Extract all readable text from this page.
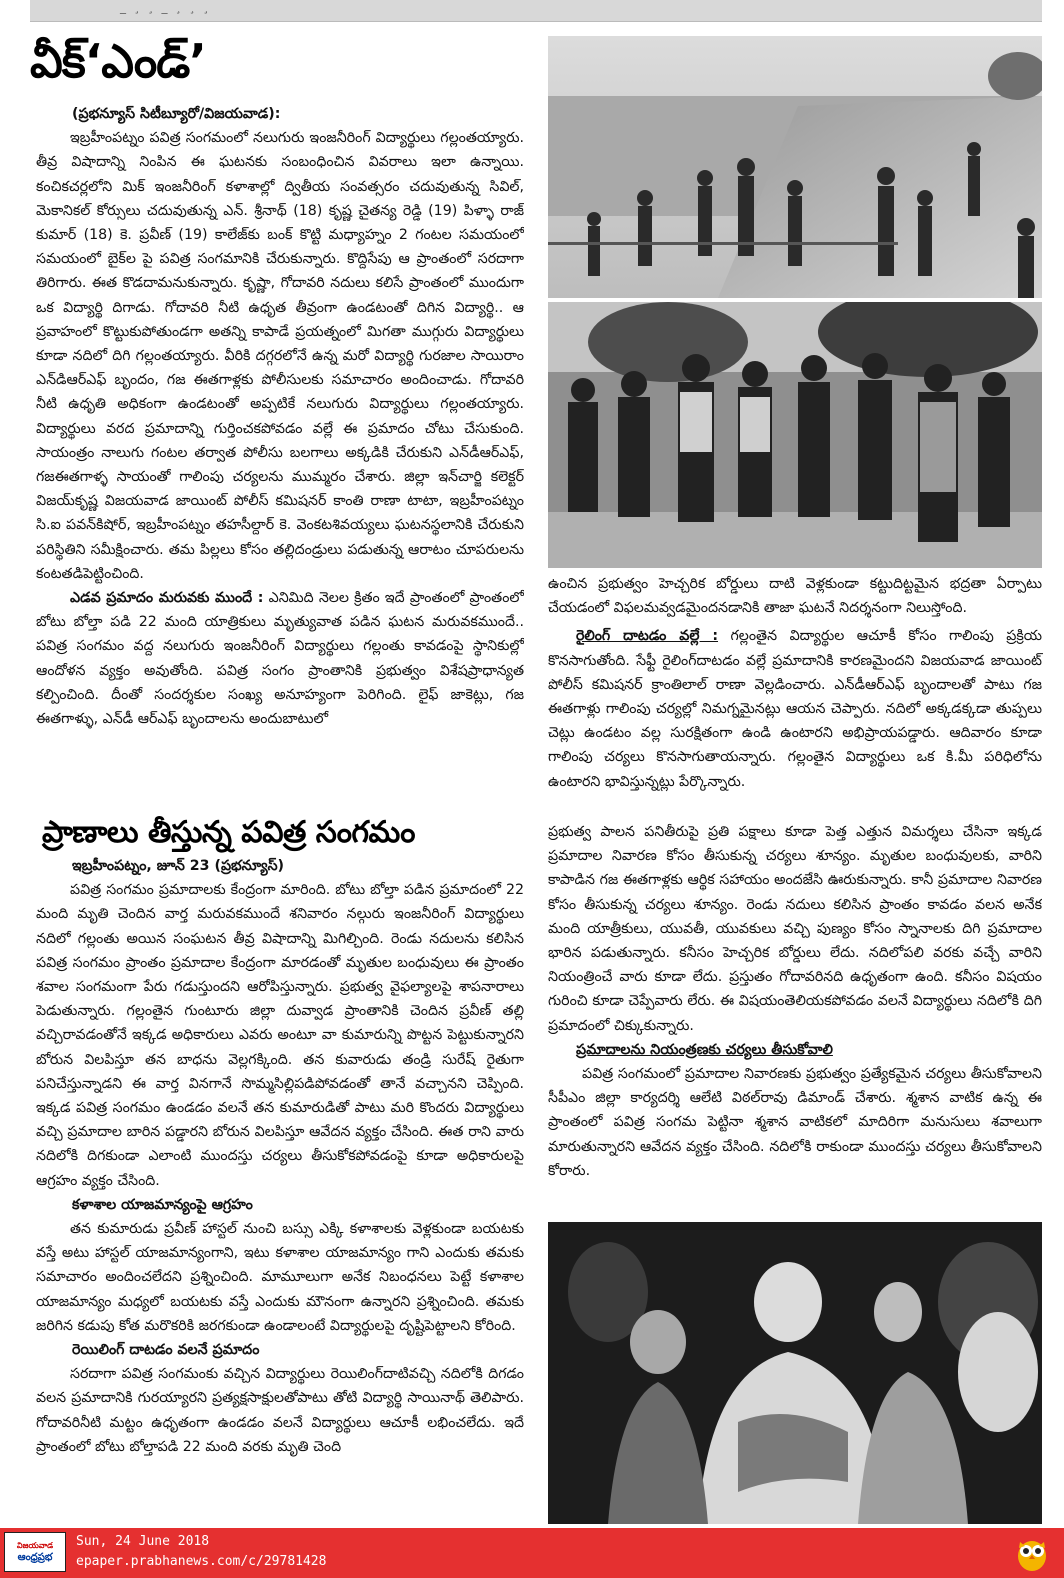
_ ¸ ¸ _ ¸ ¸ ¸
వీక్‘ఎండ్’

(ప్రభన్యూస్ సిటీబ్యూరో/విజయవాడ):

ఇబ్రహీంపట్నం పవిత్ర సంగమంలో నలుగురు ఇంజనీరింగ్ విద్యార్థులు గల్లంతయ్యారు. తీవ్ర విషాదాన్ని నింపిన ఈ ఘటనకు సంబంధించిన వివరాలు ఇలా ఉన్నాయి. కంచికచర్లలోని మిక్ ఇంజనీరింగ్ కళాశాల్లో ద్వితీయ సంవత్సరం చదువుతున్న సివిల్, మెకానికల్ కోర్సులు చదువుతున్న ఎన్. శ్రీనాథ్ (18) కృష్ణ చైతన్య రెడ్డి (19) పిళ్ళా రాజ్ కుమార్ (18) కె. ప్రవీణ్ (19) కాలేజ్‌కు బంక్ కొట్టి మధ్యాహ్నం 2 గంటల సమయంలో సమయంలో బైక్‌ల పై పవిత్ర సంగమానికి చేరుకున్నారు. కొద్దిసేపు ఆ ప్రాంతంలో సరదాగా తిరిగారు. ఈత కొడదామనుకున్నారు. కృష్ణా, గోదావరి నదులు కలిసే ప్రాంతంలో ముందుగా ఒక విద్యార్థి దిగాడు. గోదావరి నీటి ఉధృత తీవ్రంగా ఉండటంతో దిగిన విద్యార్థి.. ఆ ప్రవాహంలో కొట్టుకుపోతుండగా అతన్ని కాపాడే ప్రయత్నంలో మిగతా ముగ్గురు విద్యార్థులు కూడా నదిలో దిగి గల్లంతయ్యారు. వీరికి దగ్గరలోనే ఉన్న మరో విద్యార్థి గురజాల సాయిరాం ఎన్‌డిఆర్ఎఫ్ బృందం, గజ ఈతగాళ్లకు పోలీసులకు సమాచారం అందించాడు. గోదావరి నీటి ఉధృతి అధికంగా ఉండటంతో అప్పటికే నలుగురు విద్యార్థులు గల్లంతయ్యారు. విద్యార్థులు వరద ప్రమాదాన్ని గుర్తించకపోవడం వల్లే ఈ ప్రమాదం చోటు చేసుకుంది. సాయంత్రం నాలుగు గంటల తర్వాత పోలీసు బలగాలు అక్కడికి చేరుకుని ఎన్‌డీఆర్ఎఫ్, గజఈతగాళ్ళ సాయంతో గాలింపు చర్యలను ముమ్మరం చేశారు. జిల్లా ఇన్‌చార్జి కలెక్టర్ విజయ్‌కృష్ణ విజయవాడ జాయింట్ పోలీస్ కమిషనర్ కాంతి రాణా టాటా, ఇబ్రహీంపట్నం సి.ఐ పవన్‌కిషోర్, ఇబ్రహీంపట్నం తహసీల్దార్ కె. వెంకటశివయ్యలు ఘటనస్థలానికి చేరుకుని పరిస్థితిని సమీక్షించారు. తమ పిల్లలు కోసం తల్లిదండ్రులు పడుతున్న ఆరాటం చూపరులను కంటతడిపెట్టించింది.

ఎడవ ప్రమాదం మరువకు ముందే : ఎనిమిది నెలల క్రితం ఇదే ప్రాంతంలో ప్రాంతంలో బోటు బోల్తా పడి 22 మంది యాత్రికులు మృత్యువాత పడిన ఘటన మరువకముందే.. పవిత్ర సంగమం వద్ద నలుగురు ఇంజనీరింగ్ విద్యార్థులు గల్లంతు కావడంపై స్థానికుల్లో ఆందోళన వ్యక్తం అవుతోంది. పవిత్ర సంగం ప్రాంతానికి ప్రభుత్వం విశేషప్రాధాన్యత కల్పించింది. దీంతో సందర్శకుల సంఖ్య అనూహ్యంగా పెరిగింది. లైఫ్ జాకెట్లు, గజ ఈతగాళ్ళు, ఎన్‌డీ ఆర్ఎఫ్ బృందాలను అందుబాటులో

ఉంచిన ప్రభుత్వం హెచ్చరిక బోర్డులు దాటి వెళ్లకుండా కట్టుదిట్టమైన భద్రతా ఏర్పాటు చేయడంలో విఫలమవ్వడమైందనడానికి తాజా ఘటనే నిదర్శనంగా నిలుస్తోంది.
రైలింగ్ దాటడం వల్లే : గల్లంతైన విద్యార్థుల ఆచూకీ కోసం గాలింపు ప్రక్రియ కొనసాగుతోంది. సేఫ్టీ రైలింగ్‌దాటడం వల్లే ప్రమాదానికి కారణమైందని విజయవాడ జాయింట్ పోలీస్ కమిషనర్ క్రాంతిలాల్ రాణా వెల్లడించారు. ఎన్‌డీఆర్ఎఫ్ బృందాలతో పాటు గజ ఈతగాళ్లు గాలింపు చర్యల్లో నిమగ్నమైనట్లు ఆయన చెప్పారు. నదిలో అక్కడక్కడా తుప్పలు చెట్లు ఉండటం వల్ల సురక్షితంగా ఉండి ఉంటారని అభిప్రాయపడ్డారు. ఆదివారం కూడా గాలింపు చర్యలు కొనసాగుతాయన్నారు. గల్లంతైన విద్యార్థులు ఒక కి.మీ పరిధిలోను ఉంటారని భావిస్తున్నట్లు పేర్కొన్నారు.
ప్రాణాలు తీస్తున్న పవిత్ర సంగమం

ఇబ్రహీంపట్నం, జూన్ 23 (ప్రభన్యూస్)

పవిత్ర సంగమం ప్రమాదాలకు కేంద్రంగా మారింది. బోటు బోల్తా పడిన ప్రమాదంలో 22 మంది మృతి చెందిన వార్త మరువకముందే శనివారం నల్గురు ఇంజనీరింగ్ విద్యార్థులు నదిలో గల్లంతు అయిన సంఘటన తీవ్ర విషాదాన్ని మిగిల్చింది. రెండు నదులను కలిసిన పవిత్ర సంగమం ప్రాంతం ప్రమాదాల కేంద్రంగా మారడంతో మృతుల బంధువులు ఈ ప్రాంతం శవాల సంగమంగా పేరు గడుస్తుందని ఆరోపిస్తున్నారు. ప్రభుత్వ వైఫల్యాలపై శాపనారాలు పెడుతున్నారు. గల్లంతైన గుంటూరు జిల్లా దువ్వాడ ప్రాంతానికి చెందిన ప్రవీణ్ తల్లి వచ్చిరావడంతోనే ఇక్కడ అధికారులు ఎవరు అంటూ వా కుమారున్ని పొట్టన పెట్టుకున్నారని బోరున విలపిస్తూ తన బాధను వెల్లగక్కింది. తన కువారుడు తండ్రి సురేష్ రైతుగా పనిచేస్తున్నాడని ఈ వార్త వినగానే సొమ్మసిల్లిపడిపోవడంతో తానే వచ్చానని చెప్పింది. ఇక్కడ పవిత్ర సంగమం ఉండడం వలనే తన కుమారుడితో పాటు మరి కొందరు విద్యార్థులు వచ్చి ప్రమాదాల బారిన పడ్డారని బోరున విలపిస్తూ ఆవేదన వ్యక్తం చేసింది. ఈత రాని వారు నదిలోకి దిగకుండా ఎలాంటి ముందస్తు చర్యలు తీసుకోకపోవడంపై కూడా అధికారులపై ఆగ్రహం వ్యక్తం చేసింది.

కళాశాల యాజమాన్యంపై ఆగ్రహం

తన కుమారుడు ప్రవీణ్ హాస్టల్ నుంచి బస్సు ఎక్కి కళాశాలకు వెళ్లకుండా బయటకు వస్తే అటు హాస్టల్ యాజమాన్యంగాని, ఇటు కళాశాల యాజమాన్యం గాని ఎందుకు తమకు సమాచారం అందించలేదని ప్రశ్నించింది. మామూలుగా అనేక నిబంధనలు పెట్టే కళాశాల యాజమాన్యం మధ్యలో బయటకు వస్తే ఎందుకు మౌనంగా ఉన్నారని ప్రశ్నించింది. తమకు జరిగిన కడుపు కోత మరొకరికి జరగకుండా ఉండాలంటే విద్యార్థులపై దృష్టిపెట్టాలని కోరింది.

రెయిలింగ్ దాటడం వలనే ప్రమాదం

సరదాగా పవిత్ర సంగమంకు వచ్చిన విద్యార్థులు రెయిలింగ్‌దాటివచ్చి నదిలోకి దిగడం వలన ప్రమాదానికి గురయ్యారని ప్రత్యక్షసాక్షులతోపాటు తోటి విద్యార్థి సాయినాథ్ తెలిపారు. గోదావరినీటి మట్టం ఉధృతంగా ఉండడం వలనే విద్యార్థులు ఆచూకీ లభించలేదు. ఇదే ప్రాంతంలో బోటు బోల్తాపడి 22 మంది వరకు మృతి చెంది

ప్రభుత్వ పాలన పనితీరుపై ప్రతి పక్షాలు కూడా పెత్త ఎత్తున విమర్శలు చేసినా ఇక్కడ ప్రమాదాల నివారణ కోసం తీసుకున్న చర్యలు శూన్యం. మృతుల బంధువులకు, వారిని కాపాడిన గజ ఈతగాళ్లకు ఆర్థిక సహాయం అందజేసి ఊరుకున్నారు. కానీ ప్రమాదాల నివారణ కోసం తీసుకున్న చర్యలు శూన్యం. రెండు నదులు కలిసిన ప్రాంతం కావడం వలన అనేక మంది యాత్రీకులు, యువతీ, యువకులు వచ్చి పుణ్యం కోసం స్నానాలకు దిగి ప్రమాదాల భారిన పడుతున్నారు. కనీసం హెచ్చరిక బోర్డులు లేదు. నదిలోపలి వరకు వచ్చే వారిని నియంత్రించే వారు కూడా లేదు. ప్రస్తుతం గోదావరినది ఉధృతంగా ఉంది. కనీసం విషయం గురించి కూడా చెప్పేవారు లేరు. ఈ విషయంతెలియకపోవడం వలనే విద్యార్థులు నదిలోకి దిగి ప్రమాదంలో చిక్కుకున్నారు.

ప్రమాదాలను నియంత్రణకు చర్యలు తీసుకోవాలి

పవిత్ర సంగమంలో ప్రమాదాల నివారణకు ప్రభుత్వం ప్రత్యేకమైన చర్యలు తీసుకోవాలని సీపీఎం జిల్లా కార్యదర్శి ఆలేటి విఠల్‌రావు డిమాండ్ చేశారు. శ్మశాన వాటిక ఉన్న ఈ ప్రాంతంలో పవిత్ర సంగమ పెట్టినా శ్మశాన వాటికలో మాదిరిగా మనుసులు శవాలుగా మారుతున్నారని ఆవేదన వ్యక్తం చేసింది. నదిలోకి రాకుండా ముందస్తు చర్యలు తీసుకోవాలని కోరారు.

విజయవాడ
ఆంధ్రప్రభ
Sun, 24 June 2018
epaper.prabhanews.com/c/29781428
